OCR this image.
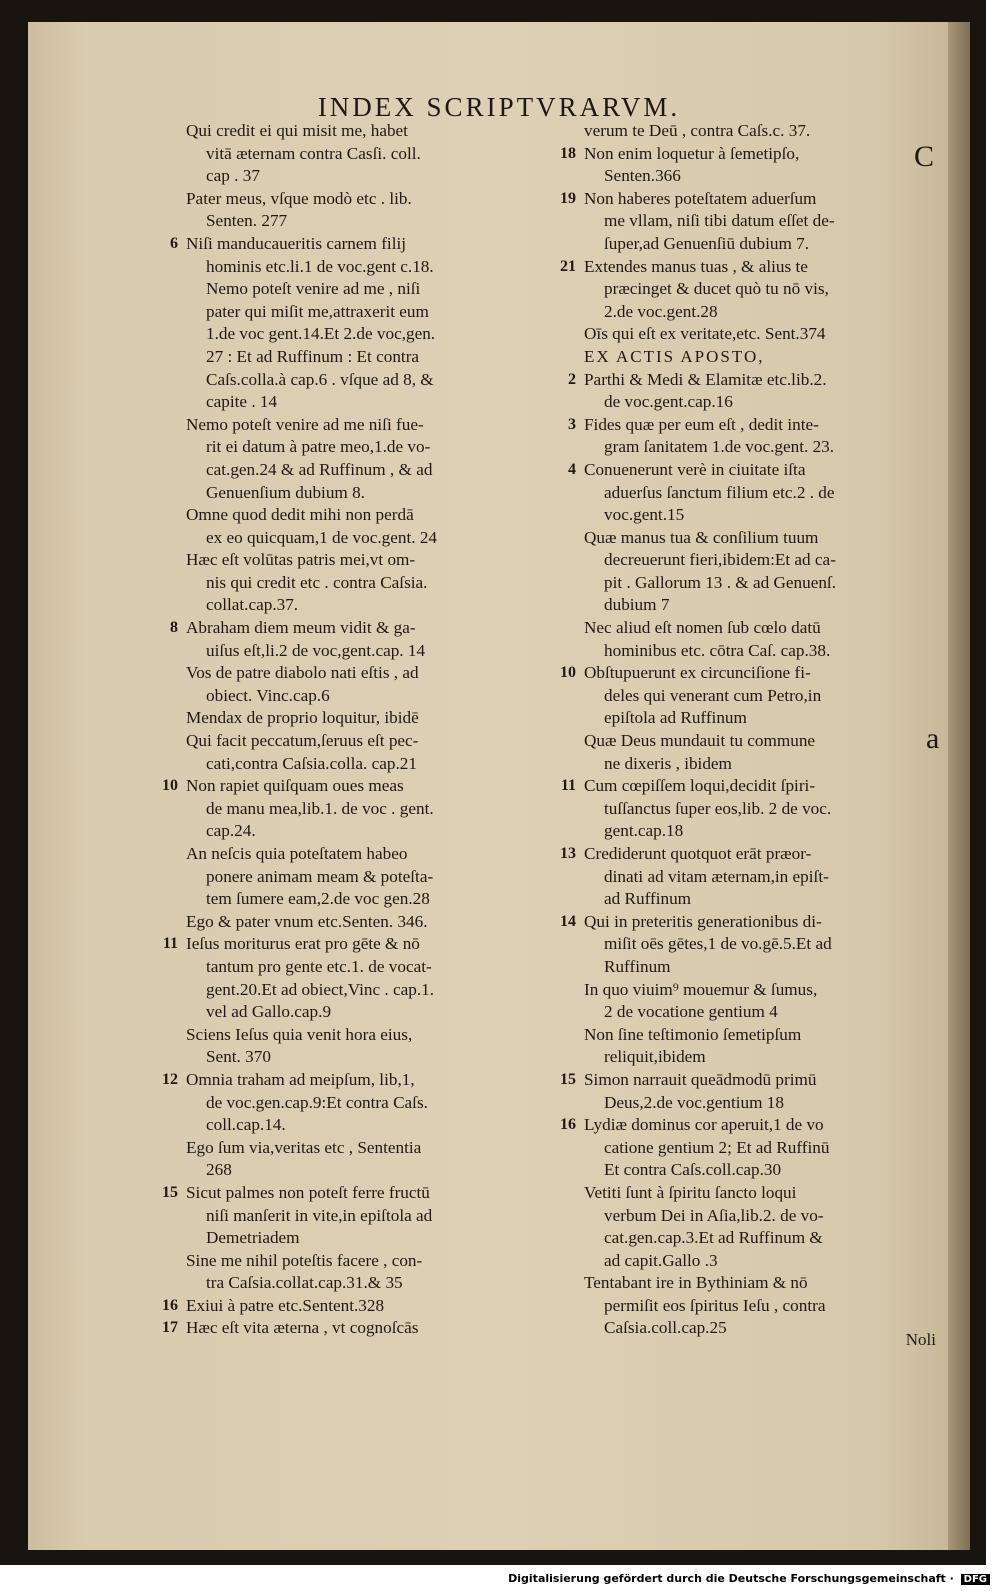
INDEX SCRIPTVRARVM.
C
a
Qui credit ei qui misit me, habet
vitā æternam contra Casſi. coll.
cap . 37
Pater meus, vſque modò etc . lib.
Senten. 277
6 Niſi manducaueritis carnem filij
hominis etc.li.1 de voc.gent c.18.
Nemo poteſt venire ad me , niſi
pater qui miſit me,attraxerit eum
1.de voc gent.14.Et 2.de voc,gen.
27 : Et ad Ruffinum : Et contra
Caſs.colla.à cap.6 . vſque ad 8, &
capite . 14
Nemo poteſt venire ad me niſi fue-
rit ei datum à patre meo,1.de vo-
cat.gen.24 & ad Ruffinum , & ad
Genuenſium dubium 8.
Omne quod dedit mihi non perdā
ex eo quicquam,1 de voc.gent. 24
Hæc eſt volūtas patris mei,vt om-
nis qui credit etc . contra Caſsia.
collat.cap.37.
8 Abraham diem meum vidit & ga-
uiſus eſt,li.2 de voc,gent.cap. 14
Vos de patre diabolo nati eſtis , ad
obiect. Vinc.cap.6
Mendax de proprio loquitur, ibidē
Qui facit peccatum,ſeruus eſt pec-
cati,contra Caſsia.colla. cap.21
10 Non rapiet quiſquam oues meas
de manu mea,lib.1. de voc . gent.
cap.24.
An neſcis quia poteſtatem habeo
ponere animam meam & poteſta-
tem ſumere eam,2.de voc gen.28
Ego & pater vnum etc.Senten. 346.
11 Ieſus moriturus erat pro gēte & nō
tantum pro gente etc.1. de vocat-
gent.20.Et ad obiect,Vinc . cap.1.
vel ad Gallo.cap.9
Sciens Ieſus quia venit hora eius,
Sent. 370
12 Omnia traham ad meipſum, lib,1,
de voc.gen.cap.9:Et contra Caſs.
coll.cap.14.
Ego ſum via,veritas etc , Sententia
268
15 Sicut palmes non poteſt ferre fructū
niſi manſerit in vite,in epiſtola ad
Demetriadem
Sine me nihil poteſtis facere , con-
tra Caſsia.collat.cap.31.& 35
16 Exiui à patre etc.Sentent.328
17 Hæc eſt vita æterna , vt cognoſcās
verum te Deū , contra Caſs.c. 37.
18 Non enim loquetur à ſemetipſo,
Senten.366
19 Non haberes poteſtatem aduerſum
me vllam, niſi tibi datum eſſet de-
ſuper,ad Genuenſiū dubium 7.
21 Extendes manus tuas , & alius te
præcinget & ducet quò tu nō vis,
2.de voc.gent.28
Oīs qui eſt ex veritate,etc. Sent.374
EX ACTIS APOSTO,
2 Parthi & Medi & Elamitæ etc.lib.2.
de voc.gent.cap.16
3 Fides quæ per eum eſt , dedit inte-
gram ſanitatem 1.de voc.gent. 23.
4 Conuenerunt verè in ciuitate iſta
aduerſus ſanctum filium etc.2 . de
voc.gent.15
Quæ manus tua & conſilium tuum
decreuerunt fieri,ibidem:Et ad ca-
pit . Gallorum 13 . & ad Genuenſ.
dubium 7
Nec aliud eſt nomen ſub cœlo datū
hominibus etc. cōtra Caſ. cap.38.
10 Obſtupuerunt ex circunciſione fi-
deles qui venerant cum Petro,in
epiſtola ad Ruffinum
Quæ Deus mundauit tu commune
ne dixeris , ibidem
11 Cum cœpiſſem loqui,decidit ſpiri-
tuſſanctus ſuper eos,lib. 2 de voc.
gent.cap.18
13 Crediderunt quotquot erāt præor-
dinati ad vitam æternam,in epiſt-
ad Ruffinum
14 Qui in preteritis generationibus di-
miſit oēs gētes,1 de vo.gē.5.Et ad
Ruffinum
In quo viuim⁹ mouemur & ſumus,
2 de vocatione gentium 4
Non ſine teſtimonio ſemetipſum
reliquit,ibidem
15 Simon narrauit queādmodū primū
Deus,2.de voc.gentium 18
16 Lydiæ dominus cor aperuit,1 de vo
catione gentium 2; Et ad Ruffinū
Et contra Caſs.coll.cap.30
Vetiti ſunt à ſpiritu ſancto loqui
verbum Dei in Aſia,lib.2. de vo-
cat.gen.cap.3.Et ad Ruffinum &
ad capit.Gallo .3
Tentabant ire in Bythiniam & nō
permiſit eos ſpiritus Ieſu , contra
Caſsia.coll.cap.25
Noli
Digitalisierung gefördert durch die Deutsche Forschungsgemeinschaft · DFG
